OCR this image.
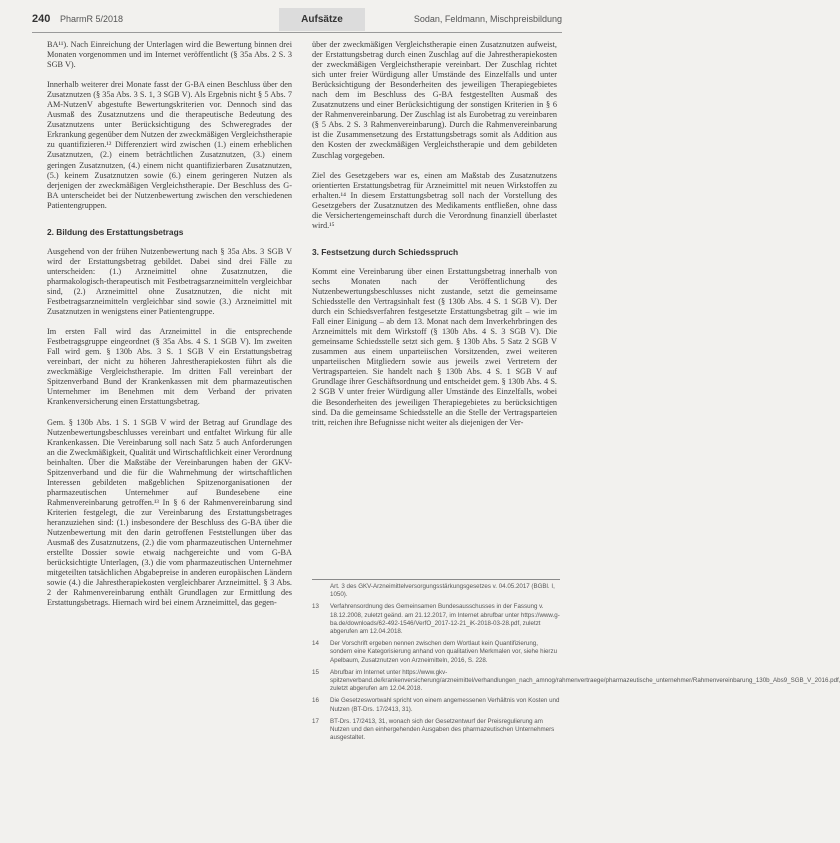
240 PharmR 5/2018	Aufsätze	Sodan, Feldmann, Mischpreisbildung

BA¹¹). Nach Einreichung der Unterlagen wird die Bewertung binnen drei Monaten vorgenommen und im Internet veröffentlicht (§ 35a Abs. 2 S. 3 SGB V).

Innerhalb weiterer drei Monate fasst der G-BA einen Beschluss über den Zusatznutzen (§ 35a Abs. 3 S. 1, 3 SGB V). Als Ergebnis nicht § 5 Abs. 7 AM-NutzenV abgestufte Bewertungskriterien vor. Dennoch sind das Ausmaß des Zusatznutzens und die therapeutische Bedeutung des Zusatznutzens unter Berücksichtigung des Schweregrades der Erkrankung gegenüber dem Nutzen der zweckmäßigen Vergleichstherapie zu quantifizieren.¹² Differenziert wird zwischen (1.) einem erheblichen Zusatznutzen, (2.) einem beträchtlichen Zusatznutzen, (3.) einem geringen Zusatznutzen, (4.) einem nicht quantifizierbaren Zusatznutzen, (5.) keinem Zusatznutzen sowie (6.) einem geringeren Nutzen als derjenigen der zweckmäßigen Vergleichstherapie. Der Beschluss des G-BA unterscheidet bei der Nutzenbewertung zwischen den verschiedenen Patientengruppen.

2. Bildung des Erstattungsbetrags

Ausgehend von der frühen Nutzenbewertung nach § 35a Abs. 3 SGB V wird der Erstattungsbetrag gebildet. Dabei sind drei Fälle zu unterscheiden: (1.) Arzneimittel ohne Zusatznutzen, die pharmakologisch-therapeutisch mit Festbetragsarzneimitteln vergleichbar sind, (2.) Arzneimittel ohne Zusatznutzen, die nicht mit Festbetragsarzneimitteln vergleichbar sind sowie (3.) Arzneimittel mit Zusatznutzen in wenigstens einer Patientengruppe.

Im ersten Fall wird das Arzneimittel in die entsprechende Festbetragsgruppe eingeordnet (§ 35a Abs. 4 S. 1 SGB V). Im zweiten Fall wird gem. § 130b Abs. 3 S. 1 SGB V ein Erstattungsbetrag vereinbart, der nicht zu höheren Jahrestherapiekosten führt als die zweckmäßige Vergleichstherapie. Im dritten Fall vereinbart der Spitzenverband Bund der Krankenkassen mit dem pharmazeutischen Unternehmer im Benehmen mit dem Verband der privaten Krankenversicherung einen Erstattungsbetrag.

Gem. § 130b Abs. 1 S. 1 SGB V wird der Betrag auf Grundlage des Nutzenbewertungsbeschlusses vereinbart und entfaltet Wirkung für alle Krankenkassen. Die Vereinbarung soll nach Satz 5 auch Anforderungen an die Zweckmäßigkeit, Qualität und Wirtschaftlichkeit einer Verordnung beinhalten. Über die Maßstäbe der Vereinbarungen haben der GKV-Spitzenverband und die für die Wahrnehmung der wirtschaftlichen Interessen gebildeten maßgeblichen Spitzenorganisationen der pharmazeutischen Unternehmer auf Bundesebene eine Rahmenvereinbarung getroffen.¹³ In § 6 der Rahmenvereinbarung sind Kriterien festgelegt, die zur Vereinbarung des Erstattungsbetrages heranzuziehen sind: (1.) insbesondere der Beschluss des G-BA über die Nutzenbewertung mit den darin getroffenen Feststellungen über das Ausmaß des Zusatznutzens, (2.) die vom pharmazeutischen Unternehmer erstellte Dossier sowie etwaig nachgereichte und vom G-BA berücksichtigte Unterlagen, (3.) die vom pharmazeutischen Unternehmer mitgeteilten tatsächlichen Abgabepreise in anderen europäischen Ländern sowie (4.) die Jahrestherapiekosten vergleichbarer Arzneimittel. § 3 Abs. 2 der Rahmenvereinbarung enthält Grundlagen zur Ermittlung des Erstattungsbetrags. Hiernach wird bei einem Arzneimittel, das gegen-

über der zweckmäßigen Vergleichstherapie einen Zusatznutzen aufweist, der Erstattungsbetrag durch einen Zuschlag auf die Jahrestherapiekosten der zweckmäßigen Vergleichstherapie vereinbart. Der Zuschlag richtet sich unter freier Würdigung aller Umstände des Einzelfalls und unter Berücksichtigung der Besonderheiten des jeweiligen Therapiegebietes nach dem im Beschluss des G-BA festgestellten Ausmaß des Zusatznutzens und einer Berücksichtigung der sonstigen Kriterien in § 6 der Rahmenvereinbarung. Der Zuschlag ist als Eurobetrag zu vereinbaren (§ 5 Abs. 2 S. 3 Rahmenvereinbarung). Durch die Rahmenvereinbarung ist die Zusammensetzung des Erstattungsbetrags somit als Addition aus den Kosten der zweckmäßigen Vergleichstherapie und dem gebildeten Zuschlag vorgegeben.

Ziel des Gesetzgebers war es, einen am Maßstab des Zusatznutzens orientierten Erstattungsbetrag für Arzneimittel mit neuen Wirkstoffen zu erhalten.¹⁴ In diesem Erstattungsbetrag soll nach der Vorstellung des Gesetzgebers der Zusatznutzen des Medikaments entfließen, ohne dass die Versichertengemeinschaft durch die Verordnung finanziell überlastet wird.¹⁵

3. Festsetzung durch Schiedsspruch

Kommt eine Vereinbarung über einen Erstattungsbetrag innerhalb von sechs Monaten nach der Veröffentlichung des Nutzenbewertungsbeschlusses nicht zustande, setzt die gemeinsame Schiedsstelle den Vertragsinhalt fest (§ 130b Abs. 4 S. 1 SGB V). Der durch ein Schiedsverfahren festgesetzte Erstattungsbetrag gilt – wie im Fall einer Einigung – ab dem 13. Monat nach dem Inverkehrbringen des Arzneimittels mit dem Wirkstoff (§ 130b Abs. 4 S. 3 SGB V). Die gemeinsame Schiedsstelle setzt sich gem. § 130b Abs. 5 Satz 2 SGB V zusammen aus einem unparteiischen Vorsitzenden, zwei weiteren unparteiischen Mitgliedern sowie aus jeweils zwei Vertretern der Vertragsparteien. Sie handelt nach § 130b Abs. 4 S. 1 SGB V auf Grundlage ihrer Geschäftsordnung und entscheidet gem. § 130b Abs. 4 S. 2 SGB V unter freier Würdigung aller Umstände des Einzelfalls, wobei die Besonderheiten des jeweiligen Therapiegebietes zu berücksichtigen sind. Da die gemeinsame Schiedsstelle an die Stelle der Vertragsparteien tritt, reichen ihre Befugnisse nicht weiter als diejenigen der Ver-

Art. 3 des GKV-Arzneimittelversorgungsstärkungsgesetzes v. 04.05.2017 (BGBl. I, 1050).
13 Verfahrensordnung des Gemeinsamen Bundesausschusses in der Fassung v. 18.12.2008, zuletzt geänd. am 21.12.2017, im Internet abrufbar unter https://www.g-ba.de/downloads/62-492-1546/VerfO_2017-12-21_iK-2018-03-28.pdf, zuletzt abgerufen am 12.04.2018.
14 Der Vorschrift ergeben nennen zwischen dem Wortlaut kein Quantifizierung, sondern eine Kategorisierung anhand von qualitativen Merkmalen vor, siehe hierzu Apelbaum, Zusatznutzen von Arzneimitteln, 2016, S. 228.
15 Abrufbar im Internet unter https://www.gkv-spitzenverband.de/krankenversicherung/arzneimittel/verhandlungen_nach_amnog/rahmenvertraege/pharmazeutische_unternehmer/Rahmenvereinbarung_130b_Abs9_SGB_V_2016.pdf, zuletzt abgerufen am 12.04.2018.
16 Die Gesetzeswortwahl spricht von einem angemessenen Verhältnis von Kosten und Nutzen (BT-Drs. 17/2413, 31).
17 BT-Drs. 17/2413, 31, wonach sich der Gesetzentwurf der Preisregulierung am Nutzen und den einhergehenden Ausgaben des pharmazeutischen Unternehmers ausgestaltet.
